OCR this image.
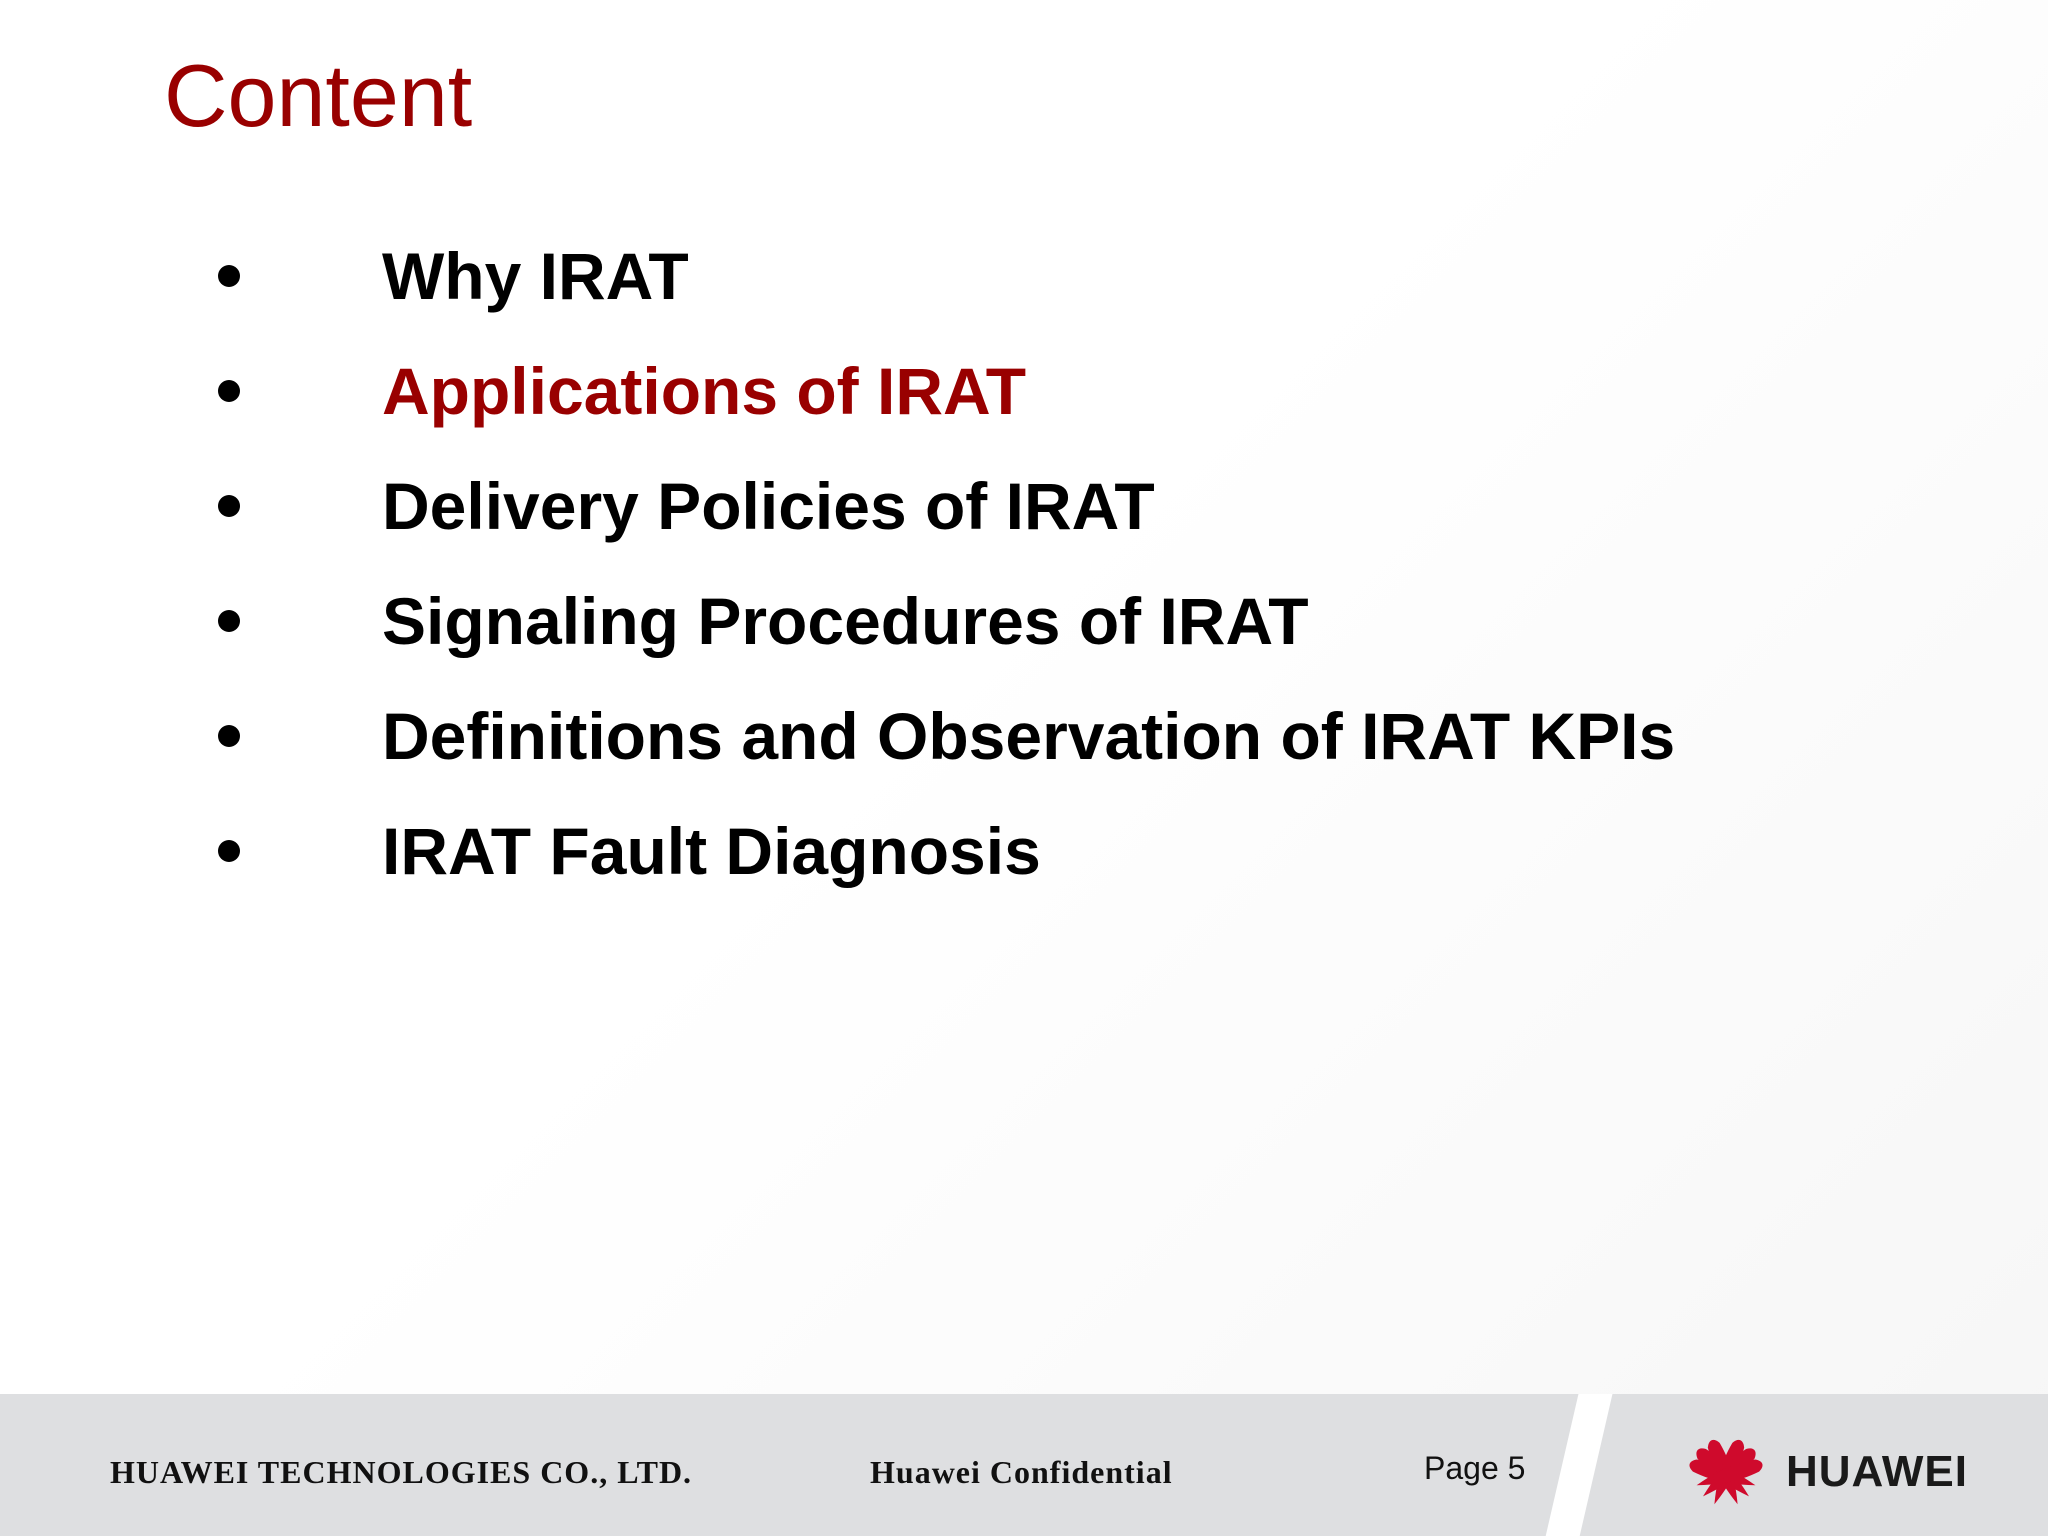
Content
Why IRAT
Applications of IRAT
Delivery Policies of IRAT
Signaling Procedures of IRAT
Definitions and Observation of IRAT KPIs
IRAT Fault Diagnosis
HUAWEI TECHNOLOGIES CO., LTD.	Huawei Confidential	Page 5	HUAWEI
